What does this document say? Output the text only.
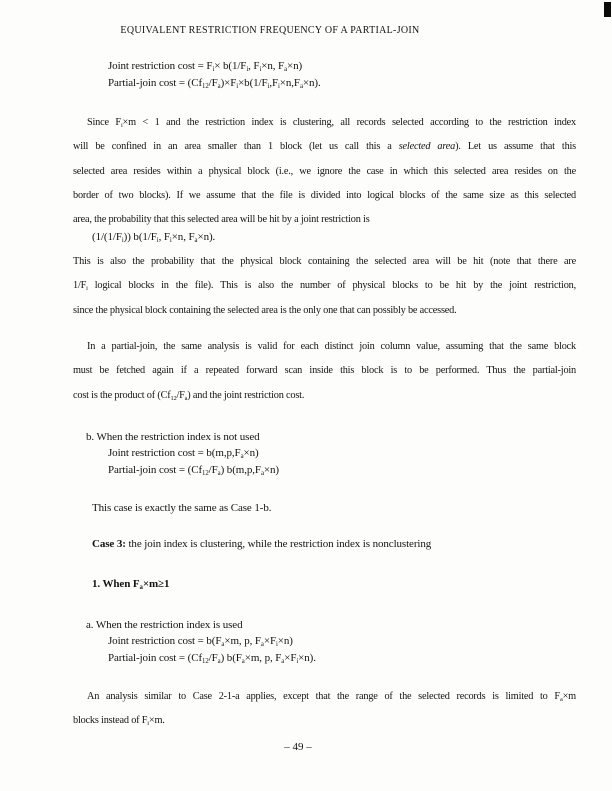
EQUIVALENT RESTRICTION FREQUENCY OF A PARTIAL-JOIN
Joint restriction $\cos t = F_i\times b(1/F_i$, $F_i\times n$, $F_a\times n$)
Partial-join $\cos t = (Cf_{12}/F_a)\times F_i\times b(1/F_i,F_i\times n,F_a\times n)$.
Since $F_i\times m < 1$ and the restriction index is clustering, all records selected according to the restriction index
will be confined in an area smaller than 1 block (let us call this a selected area). Let us assume that this
selected area resides within a physical block (i.e., we ignore the case in which this selected area resides on the
border of two blocks). If we assume that the file is divided into logical blocks of the same size as this selected
area, the probability that this selected area will be hit by a joint restriction is
$(1/(1/F_i))$ $b(1/F_i$, $F_i\times n$, $F_a\times n$).
This is also the probability that the physical block containing the selected area will be hit (note that there are
$1/F_i$ logical blocks in the file). This is also the number of physical blocks to be hit by the joint restriction,
since the physical block containing the selected area is the only one that can possibly be accessed.
In a partial-join, the same analysis is valid for each distinct join column value, assuming that the same block
must be fetched again if a repeated forward scan inside this block is to be performed. Thus the partial-join
cost is the product of $(Cf_{12}/F_a)$ and the joint restriction cost.
b. When the restriction index is not used
Joint restriction $\cos t = b(m,p,F_a\times n)$
Partial-join $\cos t = (Cf_{12}/F_a)$ $b(m,p,F_a\times n)$
This case is exactly the same as Case 1-b.
Case 3: the join index is clustering, while the restriction index is nonclustering
1. When $F_a\times m\ge 1$
a. When the restriction index is used
Joint restriction $\cos t = b(F_a\times m$, p, $F_a\times F_i\times n$)
Partial-join $\cos t = (Cf_{12}/F_a)$ $b(F_a\times m$, p, $F_a\times F_i\times n$).
An analysis similar to Case 2-1-a applies, except that the range of the selected records is limited to $F_a\times m$
blocks instead of $F_i\times m$.
– 49 –
